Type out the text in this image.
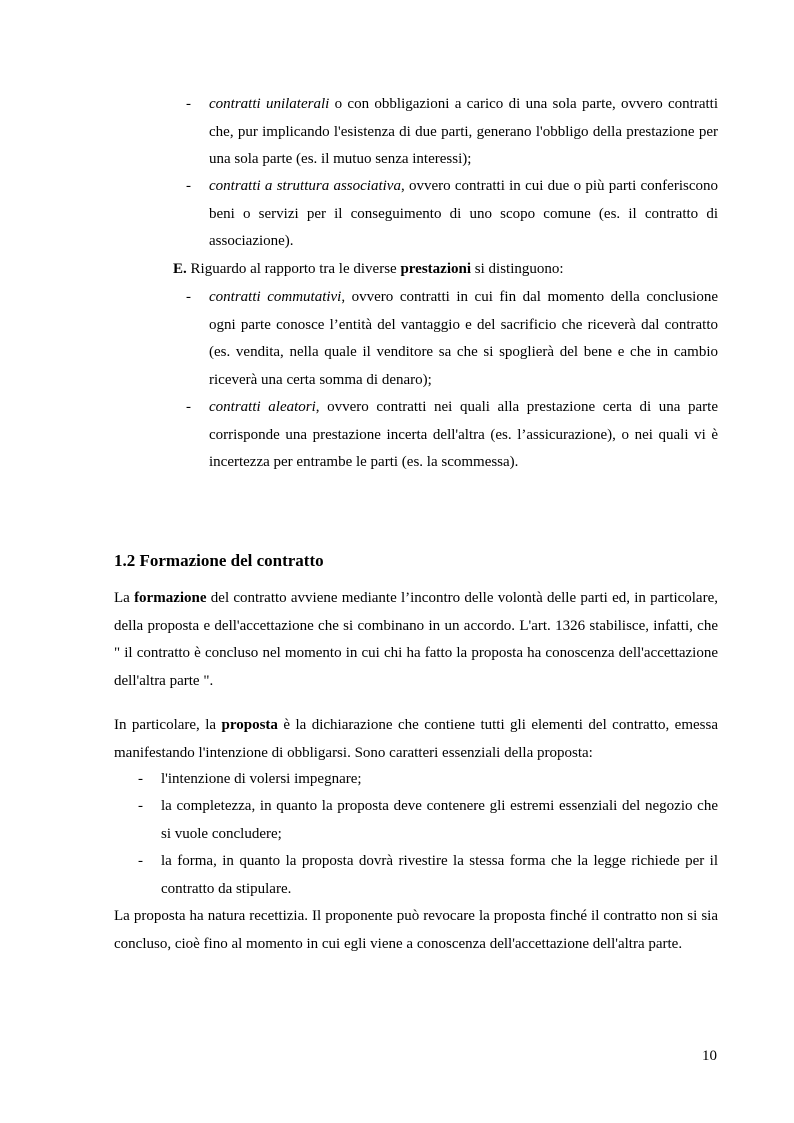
- contratti unilaterali o con obbligazioni a carico di una sola parte, ovvero contratti che, pur implicando l'esistenza di due parti, generano l'obbligo della prestazione per una sola parte (es. il mutuo senza interessi);
- contratti a struttura associativa, ovvero contratti in cui due o più parti conferiscono beni o servizi per il conseguimento di uno scopo comune (es. il contratto di associazione).
E. Riguardo al rapporto tra le diverse prestazioni si distinguono:
- contratti commutativi, ovvero contratti in cui fin dal momento della conclusione ogni parte conosce l’entità del vantaggio e del sacrificio che riceverà dal contratto (es. vendita, nella quale il venditore sa che si spoglierà del bene e che in cambio riceverà una certa somma di denaro);
- contratti aleatori, ovvero contratti nei quali alla prestazione certa di una parte corrisponde una prestazione incerta dell'altra (es. l’assicurazione), o nei quali vi è incertezza per entrambe le parti (es. la scommessa).
1.2 Formazione del contratto
La formazione del contratto avviene mediante l’incontro delle volontà delle parti ed, in particolare, della proposta e dell'accettazione che si combinano in un accordo. L'art. 1326 stabilisce, infatti, che " il contratto è concluso nel momento in cui chi ha fatto la proposta ha conoscenza dell'accettazione dell'altra parte ".
In particolare, la proposta è la dichiarazione che contiene tutti gli elementi del contratto, emessa manifestando l'intenzione di obbligarsi. Sono caratteri essenziali della proposta:
- l'intenzione di volersi impegnare;
- la completezza, in quanto la proposta deve contenere gli estremi essenziali del negozio che si vuole concludere;
- la forma, in quanto la proposta dovrà rivestire la stessa forma che la legge richiede per il contratto da stipulare.
La proposta ha natura recettizia. Il proponente può revocare la proposta finché il contratto non si sia concluso, cioè fino al momento in cui egli viene a conoscenza dell'accettazione dell'altra parte.
10
